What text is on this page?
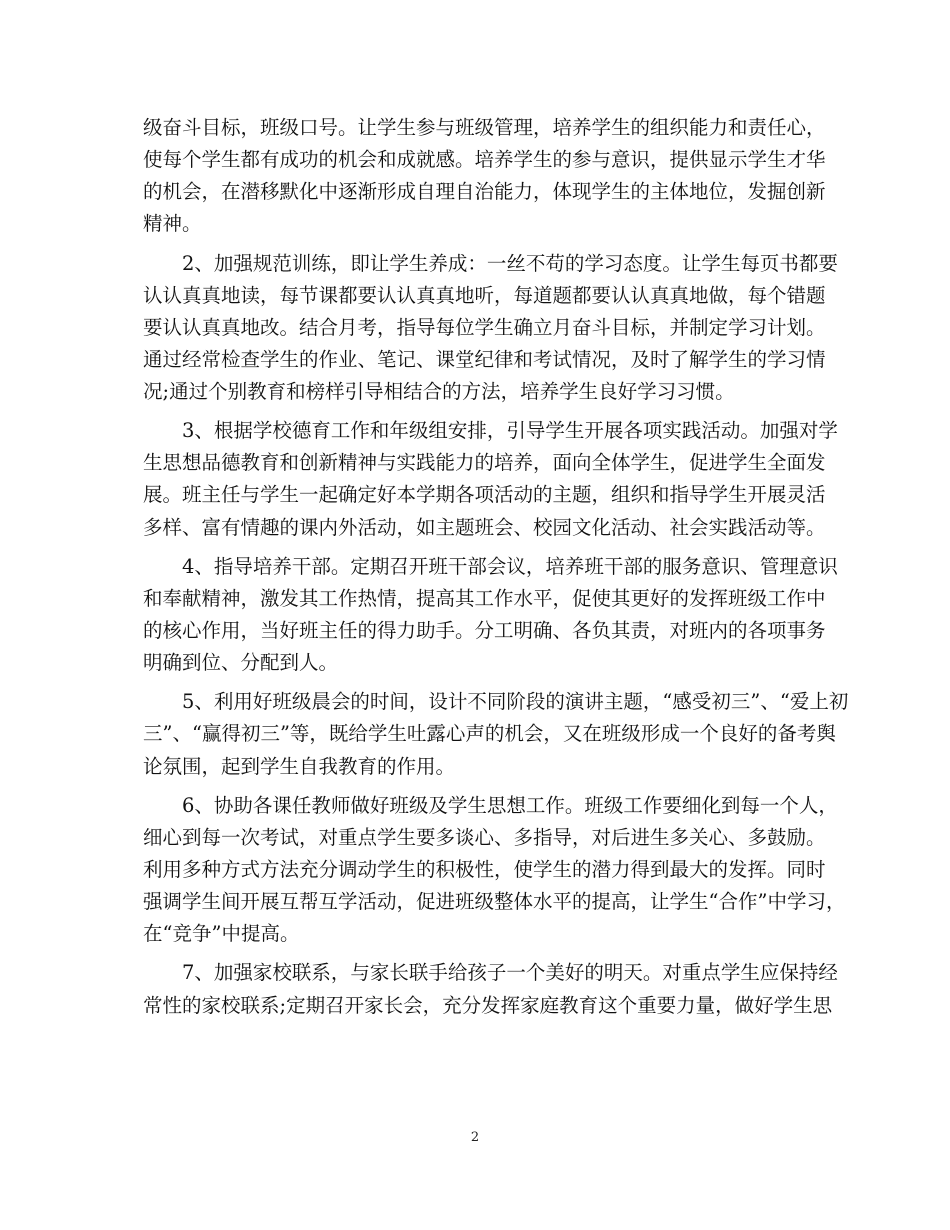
级奋斗目标，班级口号。让学生参与班级管理，培养学生的组织能力和责任心，
使每个学生都有成功的机会和成就感。培养学生的参与意识，提供显示学生才华
的机会，在潜移默化中逐渐形成自理自治能力，体现学生的主体地位，发掘创新
精神。
2、加强规范训练，即让学生养成：一丝不苟的学习态度。让学生每页书都要
认认真真地读，每节课都要认认真真地听，每道题都要认认真真地做，每个错题
要认认真真地改。结合月考，指导每位学生确立月奋斗目标，并制定学习计划。
通过经常检查学生的作业、笔记、课堂纪律和考试情况，及时了解学生的学习情
况;通过个别教育和榜样引导相结合的方法，培养学生良好学习习惯。
3、根据学校德育工作和年级组安排，引导学生开展各项实践活动。加强对学
生思想品德教育和创新精神与实践能力的培养，面向全体学生，促进学生全面发
展。班主任与学生一起确定好本学期各项活动的主题，组织和指导学生开展灵活
多样、富有情趣的课内外活动，如主题班会、校园文化活动、社会实践活动等。
4、指导培养干部。定期召开班干部会议，培养班干部的服务意识、管理意识
和奉献精神，激发其工作热情，提高其工作水平，促使其更好的发挥班级工作中
的核心作用，当好班主任的得力助手。分工明确、各负其责，对班内的各项事务
明确到位、分配到人。
5、利用好班级晨会的时间，设计不同阶段的演讲主题，“感受初三”、“爱上初
三”、“赢得初三”等，既给学生吐露心声的机会，又在班级形成一个良好的备考舆
论氛围，起到学生自我教育的作用。
6、协助各课任教师做好班级及学生思想工作。班级工作要细化到每一个人，
细心到每一次考试，对重点学生要多谈心、多指导，对后进生多关心、多鼓励。
利用多种方式方法充分调动学生的积极性，使学生的潜力得到最大的发挥。同时
强调学生间开展互帮互学活动，促进班级整体水平的提高，让学生“合作”中学习，
在“竞争”中提高。
7、加强家校联系，与家长联手给孩子一个美好的明天。对重点学生应保持经
常性的家校联系;定期召开家长会，充分发挥家庭教育这个重要力量，做好学生思
2
